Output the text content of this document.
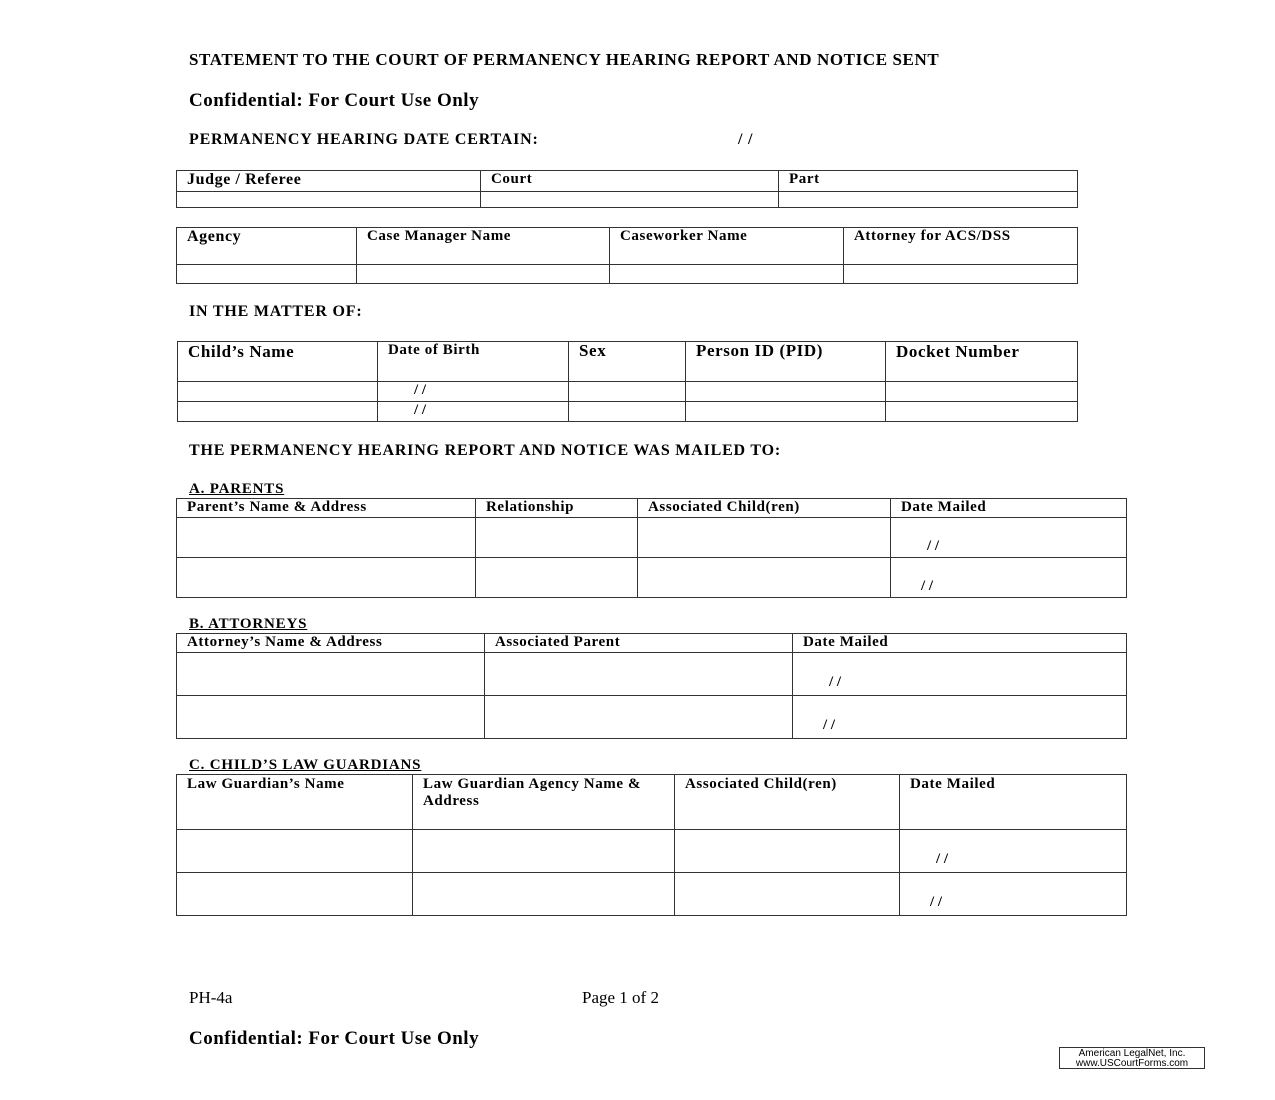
STATEMENT TO THE COURT OF PERMANENCY HEARING REPORT AND NOTICE SENT
Confidential: For Court Use Only
PERMANENCY HEARING DATE CERTAIN:	/ /
Judge / Referee	Court	Part

Agency	Case Manager Name	Caseworker Name	Attorney for ACS/DSS

IN THE MATTER OF:
Child’s Name	Date of Birth	Sex	Person ID (PID)	Docket Number

	/ /			

	/ /			

THE PERMANENCY HEARING REPORT AND NOTICE WAS MAILED TO:
A. PARENTS
Parent’s Name & Address	Relationship	Associated Child(ren)	Date Mailed

			/ /

			/ /
B. ATTORNEYS
Attorney’s Name & Address	Associated Parent	Date Mailed

		/ /

		/ /
C. CHILD’S LAW GUARDIANS
Law Guardian’s Name	Law Guardian Agency Name & Address	Associated Child(ren)	Date Mailed

			/ /

			/ /
PH-4a	Page 1 of 2
Confidential: For Court Use Only
American LegalNet, Inc.
www.USCourtForms.com
